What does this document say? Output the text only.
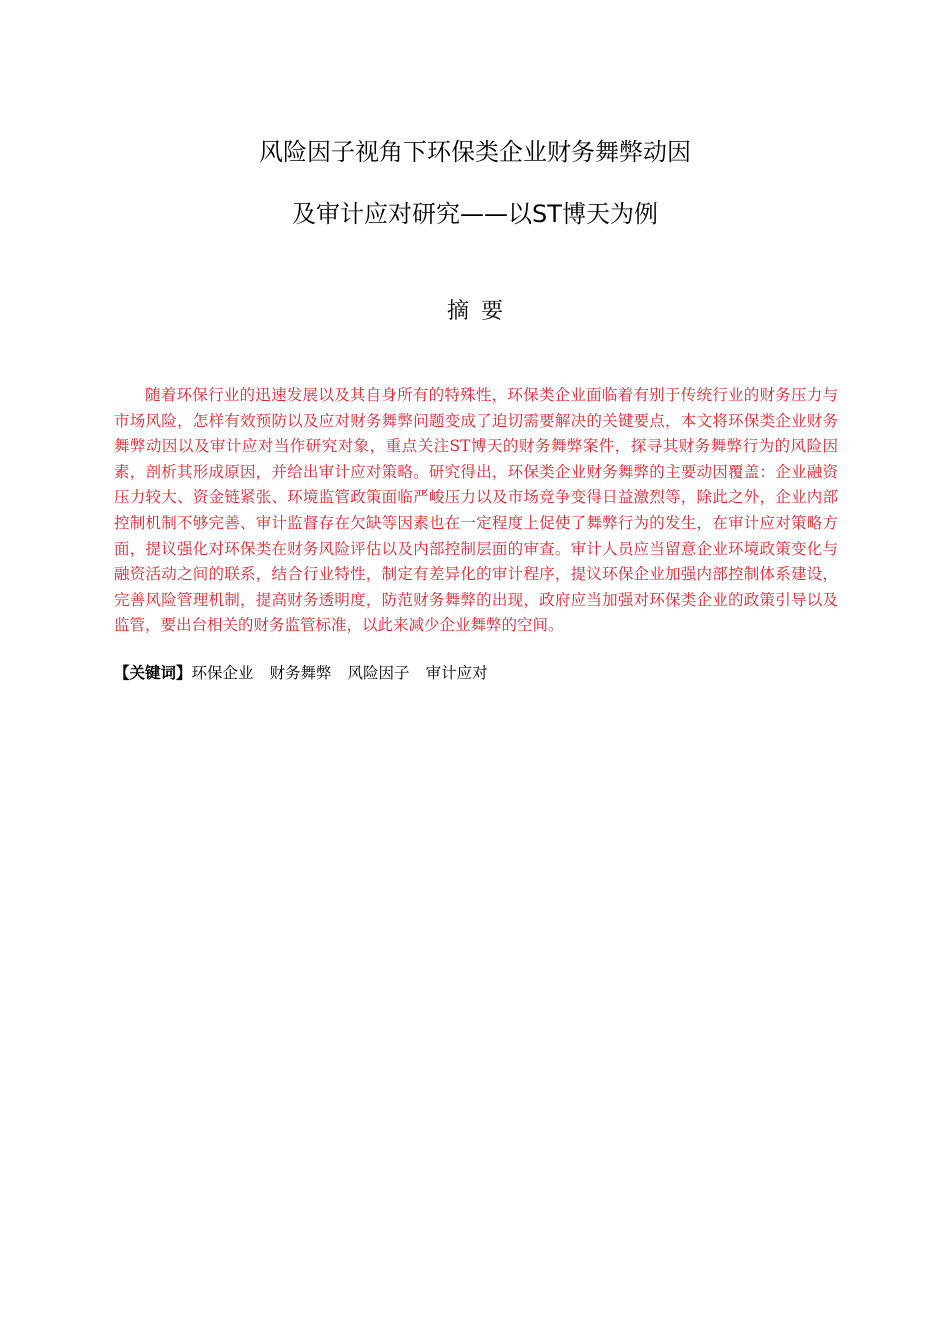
风险因子视角下环保类企业财务舞弊动因
及审计应对研究——以ST博天为例
摘要

随着环保行业的迅速发展以及其自身所有的特殊性，环保类企业面临着有别于传统行业的财务压力与市场风险，怎样有效预防以及应对财务舞弊问题变成了迫切需要解决的关键要点，本文将环保类企业财务舞弊动因以及审计应对当作研究对象，重点关注ST博天的财务舞弊案件，探寻其财务舞弊行为的风险因素，剖析其形成原因，并给出审计应对策略。研究得出，环保类企业财务舞弊的主要动因覆盖：企业融资压力较大、资金链紧张、环境监管政策面临严峻压力以及市场竞争变得日益激烈等，除此之外，企业内部控制机制不够完善、审计监督存在欠缺等因素也在一定程度上促使了舞弊行为的发生，在审计应对策略方面，提议强化对环保类在财务风险评估以及内部控制层面的审查。审计人员应当留意企业环境政策变化与融资活动之间的联系，结合行业特性，制定有差异化的审计程序，提议环保企业加强内部控制体系建设，完善风险管理机制，提高财务透明度，防范财务舞弊的出现，政府应当加强对环保类企业的政策引导以及监管，要出台相关的财务监管标准，以此来减少企业舞弊的空间。

【关键词】环保企业 财务舞弊 风险因子 审计应对
